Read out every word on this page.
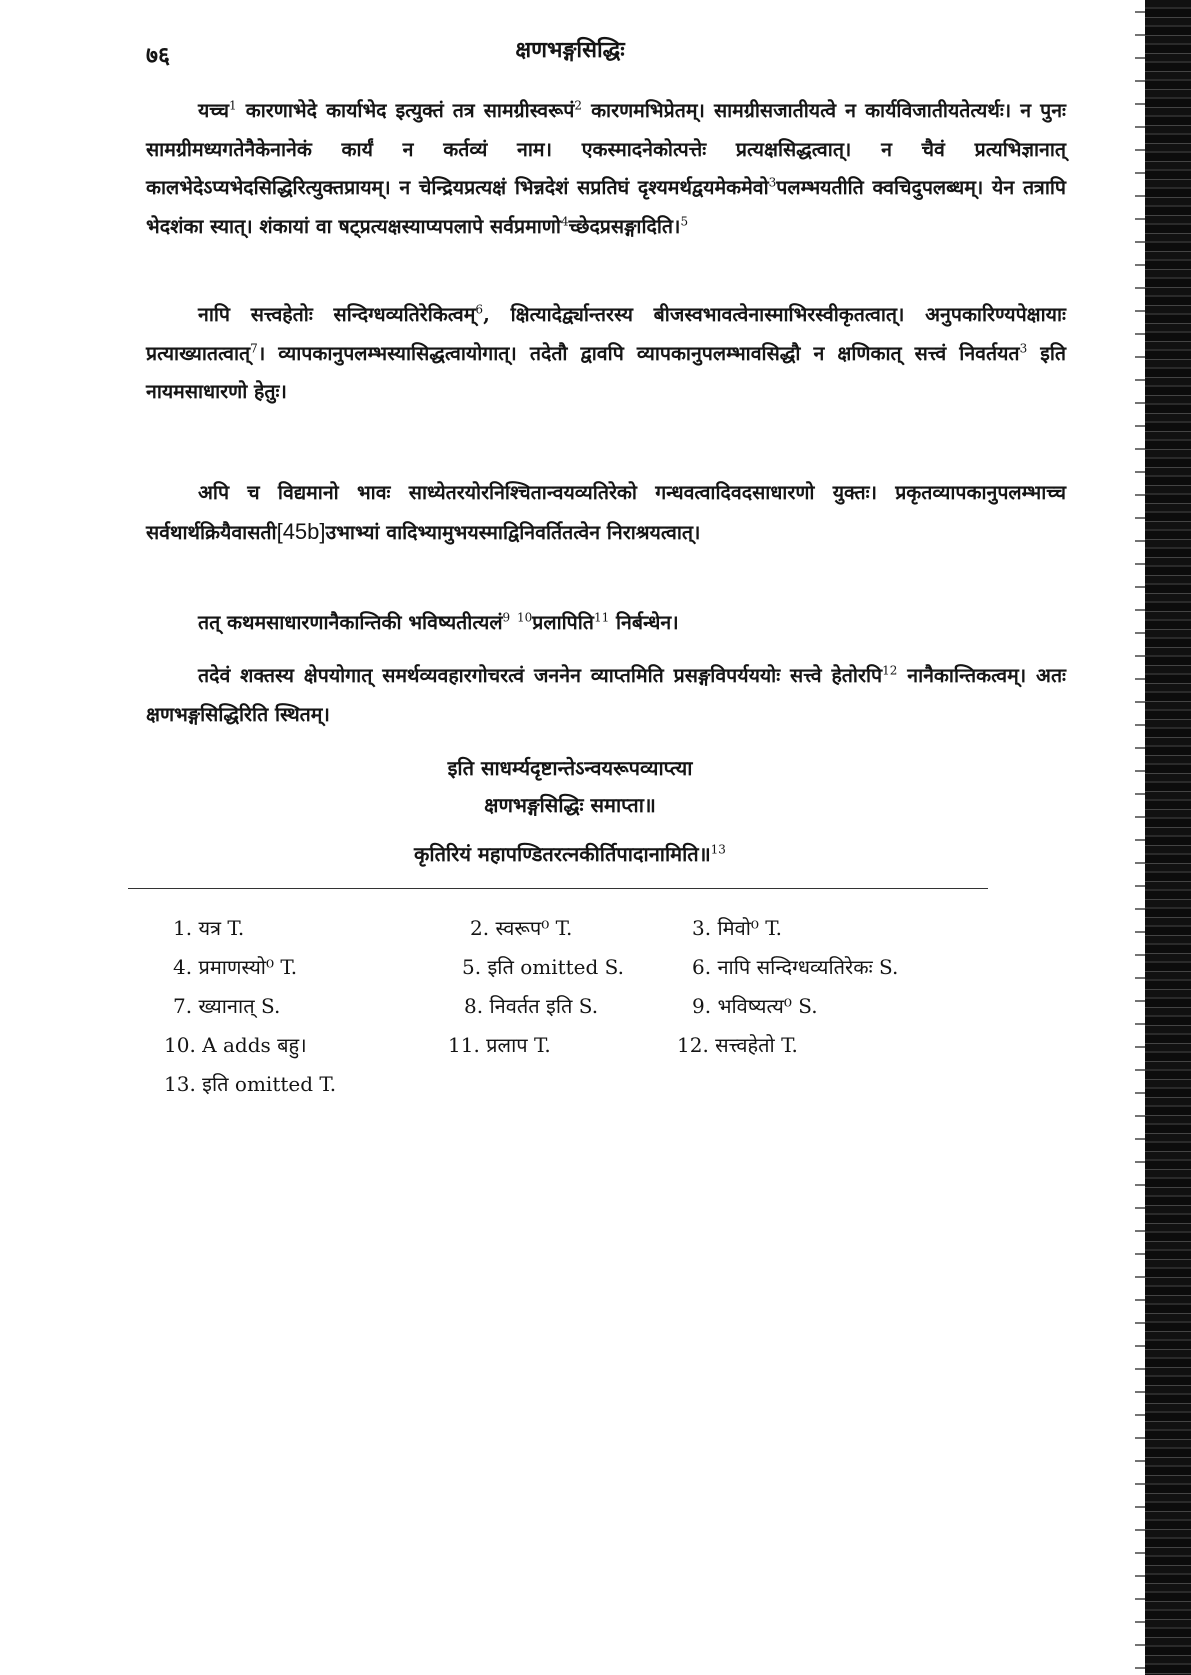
७६	क्षणभङ्गसिद्धिः

यच्च$^1$ कारणाभेदे कार्याभेद इत्युक्तं तत्र सामग्रीस्वरूपं$^2$ कारणमभिप्रेतम्। सामग्रीसजातीयत्वे न कार्यविजातीयतेत्यर्थः। न पुनः सामग्रीमध्यगतेनैकेनानेकं कार्यं न कर्तव्यं नाम। एकस्मादनेकोत्पत्तेः प्रत्यक्षसिद्धत्वात्। न चैवं प्रत्यभिज्ञानात् कालभेदेऽप्यभेदसिद्धिरित्युक्तप्रायम्। न चेन्द्रियप्रत्यक्षं भिन्नदेशं सप्रतिघं दृश्यमर्थद्वयमेकमेवो$^3$पलम्भयतीति क्वचिदुपलब्धम्। येन तत्रापि भेदशंका स्यात्। शंकायां वा षट्प्रत्यक्षस्याप्यपलापे सर्वप्रमाणो$^4$च्छेदप्रसङ्गादिति।$^5$

नापि सत्त्वहेतोः सन्दिग्धव्यतिरेकित्वम्$^6$, क्षित्यादेर्द्व्यान्तरस्य बीजस्वभावत्वेनास्माभिरस्वीकृतत्वात्। अनुपकारिण्यपेक्षायाः प्रत्याख्यातत्वात्$^7$। व्यापकानुपलम्भस्यासिद्धत्वायोगात्। तदेतौ द्वावपि व्यापकानुपलम्भावसिद्धौ न क्षणिकात् सत्त्वं निवर्तयत$^3$ इति नायमसाधारणो हेतुः।

अपि च विद्यमानो भावः साध्येतरयोरनिश्चितान्वयव्यतिरेको गन्धवत्वादिवदसाधारणो युक्तः। प्रकृतव्यापकानुपलम्भाच्च सर्वथार्थक्रियैवासती[45b]उभाभ्यां वादिभ्यामुभयस्माद्विनिवर्तितत्वेन निराश्रयत्वात्।

तत् कथमसाधारणानैकान्तिकी भविष्यतीत्यलं$^9$ $^{10}$प्रलापिति$^{11}$ निर्बन्धेन।

तदेवं शक्तस्य क्षेपयोगात् समर्थव्यवहारगोचरत्वं जननेन व्याप्तमिति प्रसङ्गविपर्यययोः सत्त्वे हेतोरपि$^{12}$ नानैकान्तिकत्वम्। अतः क्षणभङ्गसिद्धिरिति स्थितम्।

इति साधर्म्यदृष्टान्तेऽन्वयरूपव्याप्त्या

क्षणभङ्गसिद्धिः समाप्ता॥

कृतिरियं महापण्डितरत्नकीर्तिपादानामिति॥$^{13}$

1. यत्र T.	2. स्वरूप⁰ T.	3. मिवो⁰ T.
4. प्रमाणस्यो⁰ T.	5. इति omitted S.	6. नापि सन्दिग्धव्यतिरेकः S.
7. ख्यानात् S.	8. निवर्तत इति S.	9. भविष्यत्य⁰ S.
10. A adds बहु।	11. प्रलाप T.	12. सत्त्वहेतो T.
13. इति omitted T.
